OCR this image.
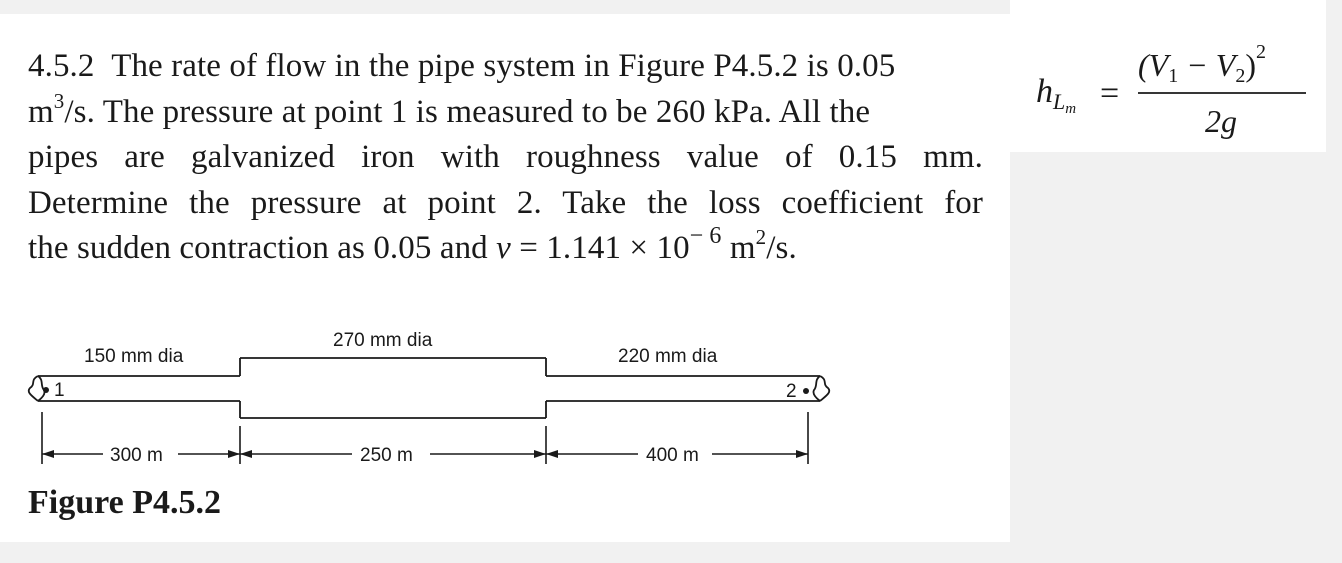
4.5.2 The rate of flow in the pipe system in Figure P4.5.2 is 0.05
$m^3/s$. The pressure at point 1 is measured to be 260 kPa. All the
pipes are galvanized iron with roughness value of 0.15 mm.
Determine the pressure at point 2. Take the loss coefficient for
the sudden contraction as 0.05 and $v = 1.141 \times 10^{- 6}$ $m^2/s$.
1	2
150 mm dia
270 mm dia
220 mm dia
300 m	250 m	400 m
Figure P4.5.2
$h_Lm$ =
$(V1 - V2)^2$
2g
